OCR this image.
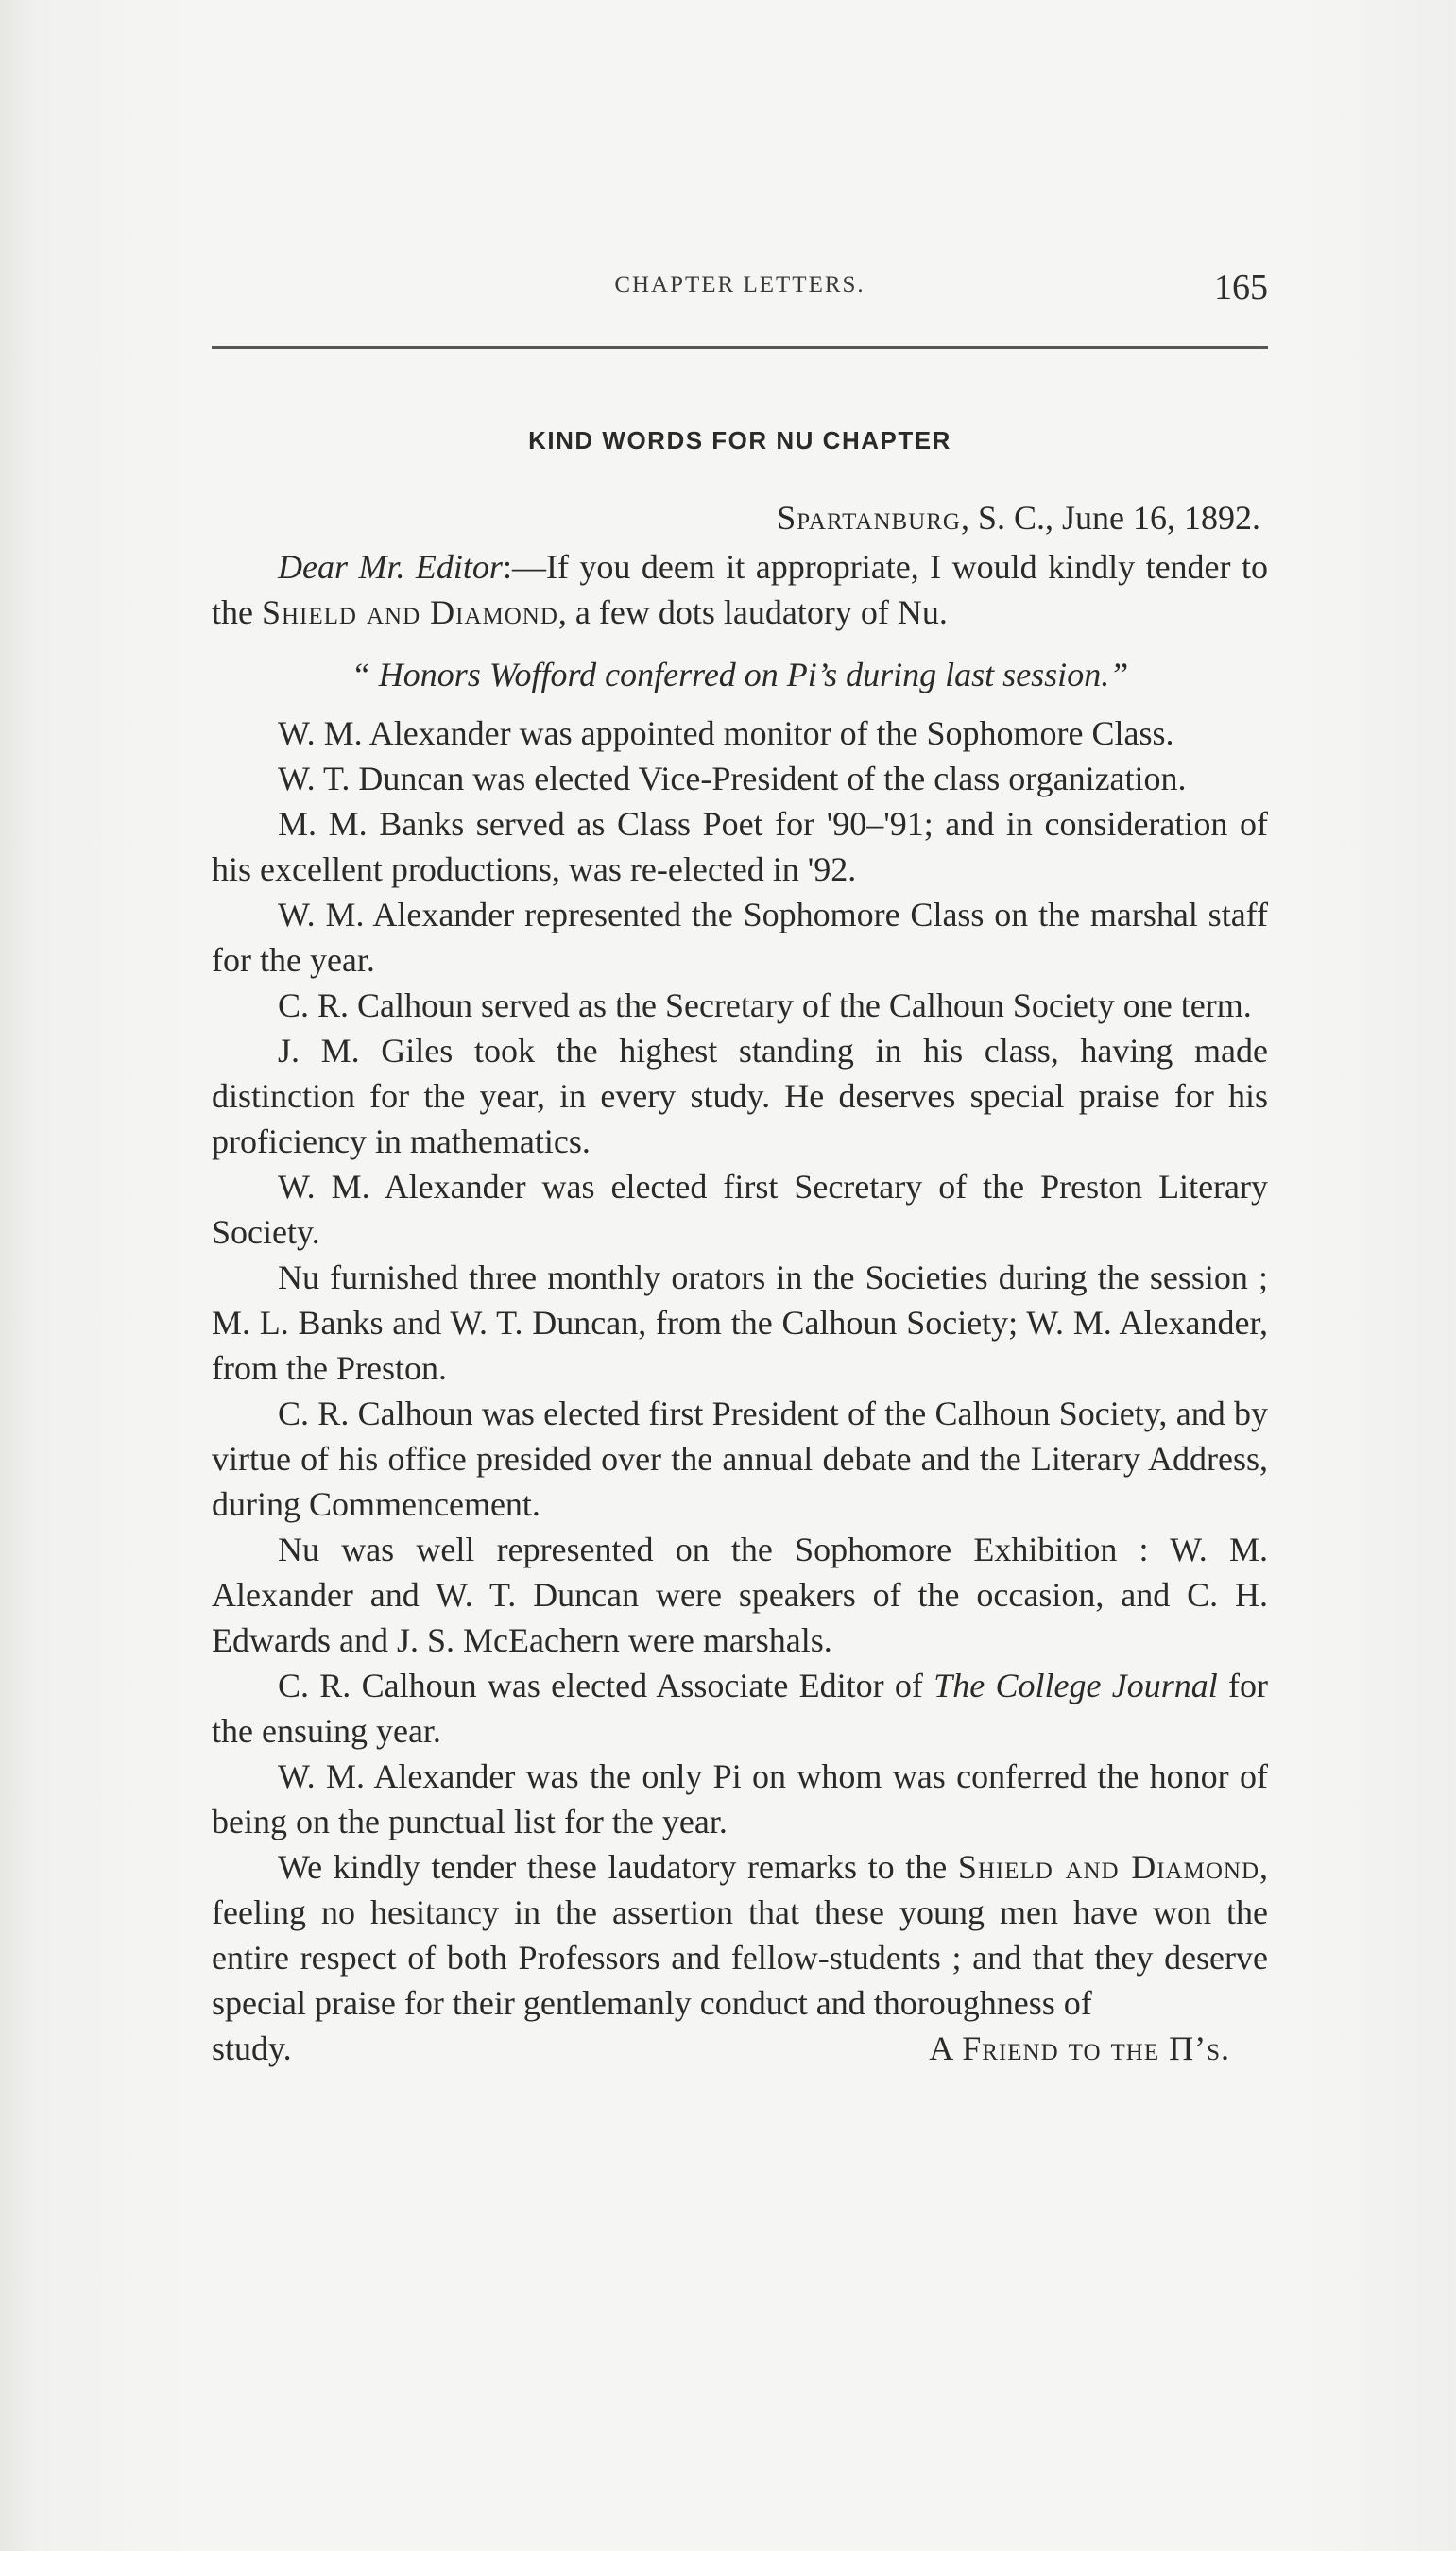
CHAPTER LETTERS.	165
KIND WORDS FOR NU CHAPTER
Spartanburg, S. C., June 16, 1892.

Dear Mr. Editor:—If you deem it appropriate, I would kindly tender to the Shield and Diamond, a few dots laudatory of Nu.

“ Honors Wofford conferred on Pi’s during last session.”

W. M. Alexander was appointed monitor of the Sophomore Class.

W. T. Duncan was elected Vice-President of the class organization.

M. M. Banks served as Class Poet for '90–'91; and in consideration of his excellent productions, was re-elected in '92.

W. M. Alexander represented the Sophomore Class on the marshal staff for the year.

C. R. Calhoun served as the Secretary of the Calhoun Society one term.

J. M. Giles took the highest standing in his class, having made distinction for the year, in every study. He deserves special praise for his proficiency in mathematics.

W. M. Alexander was elected first Secretary of the Preston Literary Society.

Nu furnished three monthly orators in the Societies during the session ; M. L. Banks and W. T. Duncan, from the Calhoun Society; W. M. Alexander, from the Preston.

C. R. Calhoun was elected first President of the Calhoun Society, and by virtue of his office presided over the annual debate and the Literary Address, during Commencement.

Nu was well represented on the Sophomore Exhibition : W. M. Alexander and W. T. Duncan were speakers of the occasion, and C. H. Edwards and J. S. McEachern were marshals.

C. R. Calhoun was elected Associate Editor of The College Journal for the ensuing year.

W. M. Alexander was the only Pi on whom was conferred the honor of being on the punctual list for the year.

We kindly tender these laudatory remarks to the Shield and Diamond, feeling no hesitancy in the assertion that these young men have won the entire respect of both Professors and fellow-students ; and that they deserve special praise for their gentlemanly conduct and thoroughness of

study.	A Friend to the Π’s.
